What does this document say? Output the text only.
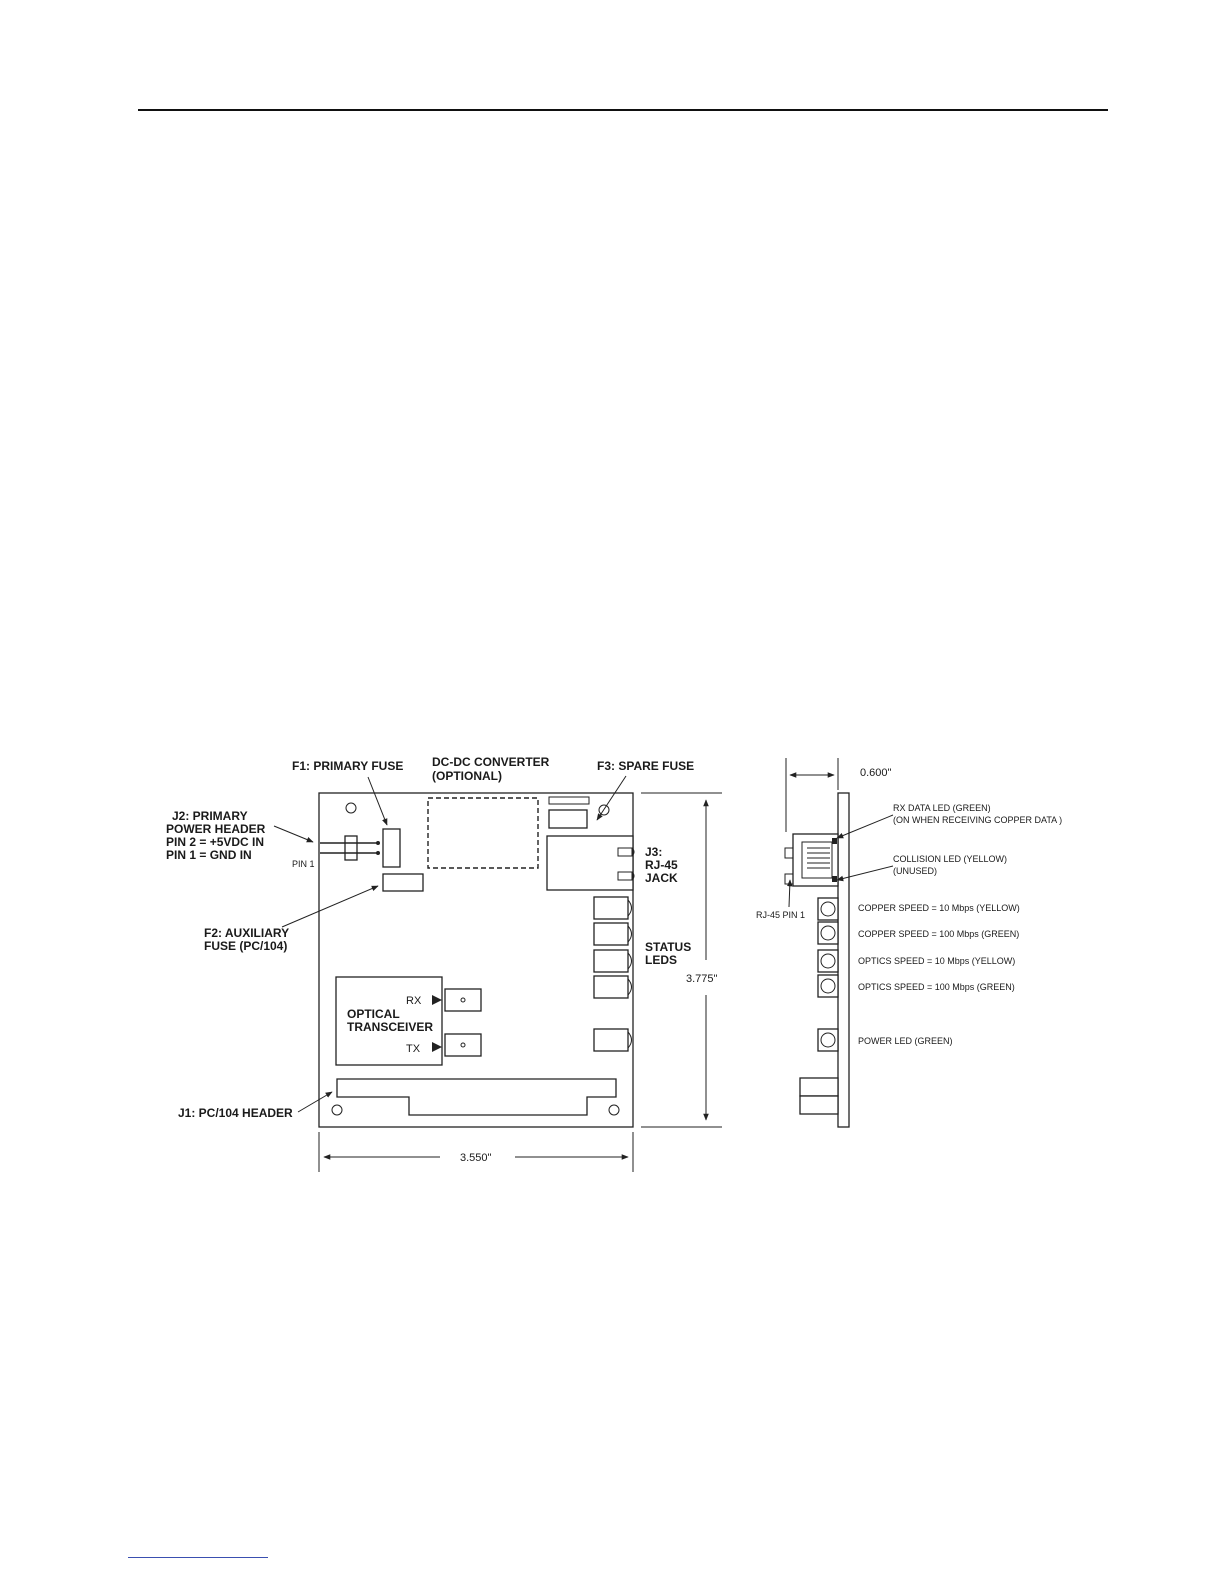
F1: PRIMARY FUSE DC-DC CONVERTER
(OPTIONAL)
F3: SPARE FUSE
J2: PRIMARY
POWER HEADER
PIN 2 = +5VDC IN
PIN 1 = GND IN
PIN 1
J3:
RJ-45
JACK
F2: AUXILIARY
FUSE (PC/104)	STATUS
LEDS
RX
TX
OPTICAL
TRANSCEIVER
J1: PC/104 HEADER
3.775"
3.550"
0.600"
RX DATA LED (GREEN)
(ON WHEN RECEIVING COPPER DATA )
COLLISION LED (YELLOW)
(UNUSED)
RJ-45 PIN 1
COPPER SPEED = 10 Mbps (YELLOW)
COPPER SPEED = 100 Mbps (GREEN)
OPTICS SPEED = 10 Mbps (YELLOW)
OPTICS SPEED = 100 Mbps (GREEN)
POWER LED (GREEN)
